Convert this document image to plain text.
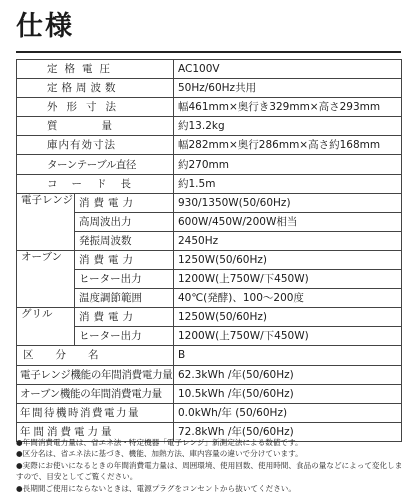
仕様
定格電圧		AC100V
定格周波数		50Hz/60Hz共用
外形寸法		幅461mm×奥行き329mm×高さ293mm
質量		約13.2kg
庫内有効寸法		幅282mm×奥行286mm×高さ約168mm
ターンテーブル直径		約270mm
コード長		約1.5m
電子レンジ	消費電力	930/1350W(50/60Hz)
	高周波出力	600W/450W/200W相当
	発振周波数	2450Hz
オーブン	消費電力	1250W(50/60Hz)
	ヒーター出力	1200W(上750W/下450W)
	温度調節範囲	40℃(発酵)、100〜200度
グリル	消費電力	1250W(50/60Hz)
	ヒーター出力	1200W(上750W/下450W)
区分名		B
電子レンジ機能の年間消費電力量		62.3kWh /年(50/60Hz)
オーブン機能の年間消費電力量		10.5kWh /年(50/60Hz)
年間待機時消費電力量		0.0kWh/年 (50/60Hz)
年間消費電力量		72.8kWh /年(50/60Hz)
●年間消費電力量は、省エネ法・特定機器「電子レンジ」新測定法による数値です。
●区分名は、省エネ法に基づき、機能、加熱方法、庫内容量の違いで分けています。
●実際にお使いになるときの年間消費電力量は、周囲環境、使用回数、使用時間、食品の量などによって変化しますので、目安としてご覧ください。
●長期間ご使用にならないときは、電源プラグをコンセントから抜いてください。
